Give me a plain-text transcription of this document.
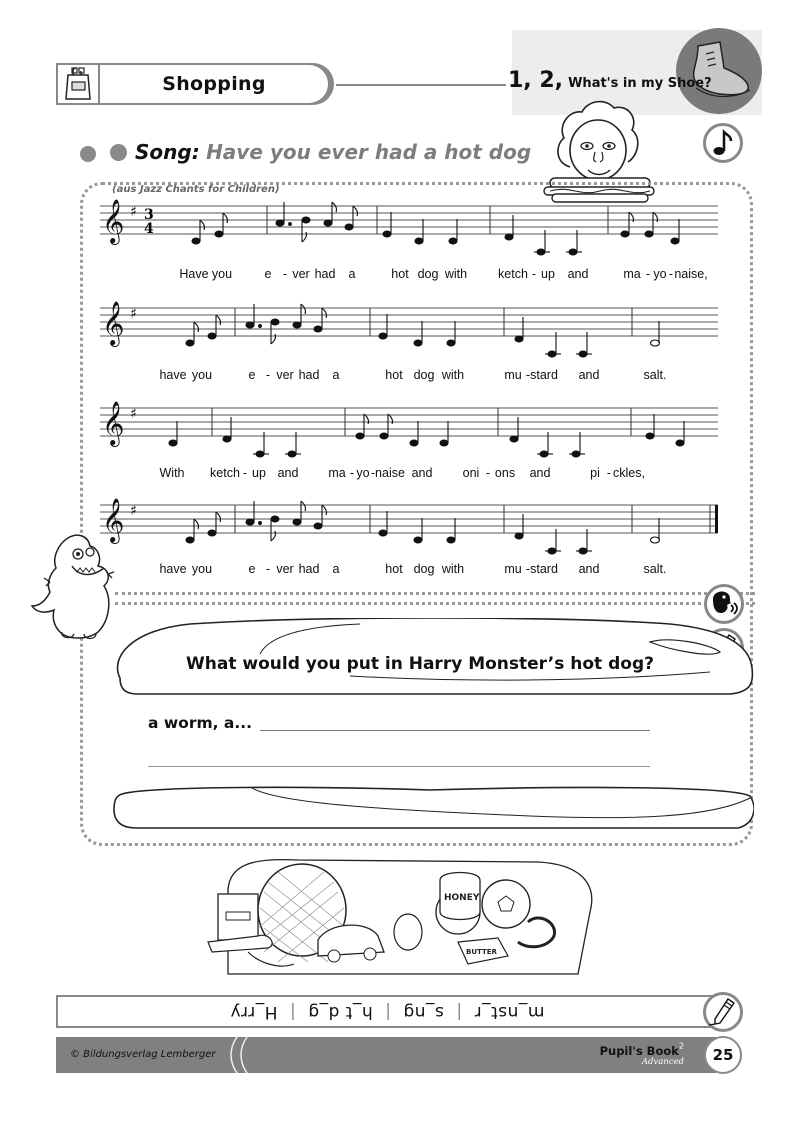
Shopping	1, 2, What's in my Shoe?
Song: Have you ever had a hot dog
(aus Jazz Chants for Children)
𝄞 ♯ 3
4
Have you	e - ver had a	hot dog with ketch - up and	ma - yo - naise,
𝄞 ♯
have you	e - ver had a	hot dog with	mu - stard and	salt.
𝄞 ♯
With ketch - up and ma - yo - naise and oni - ons and	pi - ckles,
𝄞 ♯
have you	e - ver had a	hot dog with	mu - stard and	salt.
What would you put in Harry Monster’s hot dog?
a worm, a...
HONEY
BUTTER
m_nst_r|s_ng|h_t d_g|H_rry
© Bildungsverlag Lemberger	Pupil's Book$^2$
Advanced	25
